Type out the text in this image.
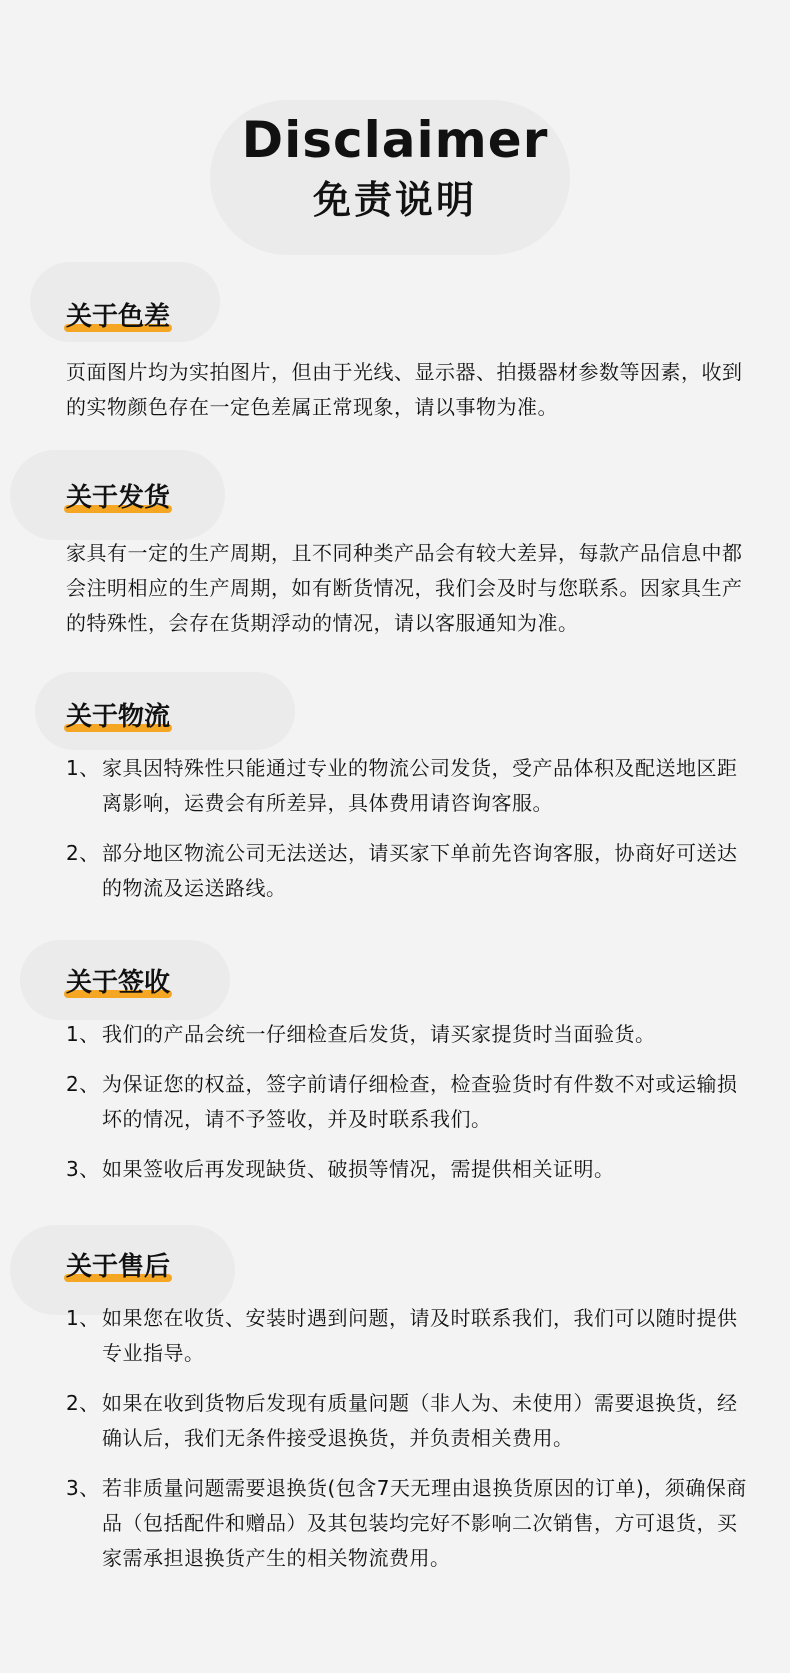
Disclaimer
免责说明
关于色差
页面图片均为实拍图片，但由于光线、显示器、拍摄器材参数等因素，收到的实物颜色存在一定色差属正常现象，请以事物为准。
关于发货
家具有一定的生产周期，且不同种类产品会有较大差异，每款产品信息中都会注明相应的生产周期，如有断货情况，我们会及时与您联系。因家具生产的特殊性，会存在货期浮动的情况，请以客服通知为准。
关于物流
1、 家具因特殊性只能通过专业的物流公司发货，受产品体积及配送地区距离影响，运费会有所差异，具体费用请咨询客服。
2、 部分地区物流公司无法送达，请买家下单前先咨询客服，协商好可送达的物流及运送路线。
关于签收
1、 我们的产品会统一仔细检查后发货，请买家提货时当面验货。
2、 为保证您的权益，签字前请仔细检查，检查验货时有件数不对或运输损坏的情况，请不予签收，并及时联系我们。
3、 如果签收后再发现缺货、破损等情况，需提供相关证明。
关于售后
1、 如果您在收货、安装时遇到问题，请及时联系我们，我们可以随时提供专业指导。
2、 如果在收到货物后发现有质量问题（非人为、未使用）需要退换货，经确认后，我们无条件接受退换货，并负责相关费用。
3、 若非质量问题需要退换货(包含7天无理由退换货原因的订单)，须确保商品（包括配件和赠品）及其包装均完好不影响二次销售，方可退货，买家需承担退换货产生的相关物流费用。
